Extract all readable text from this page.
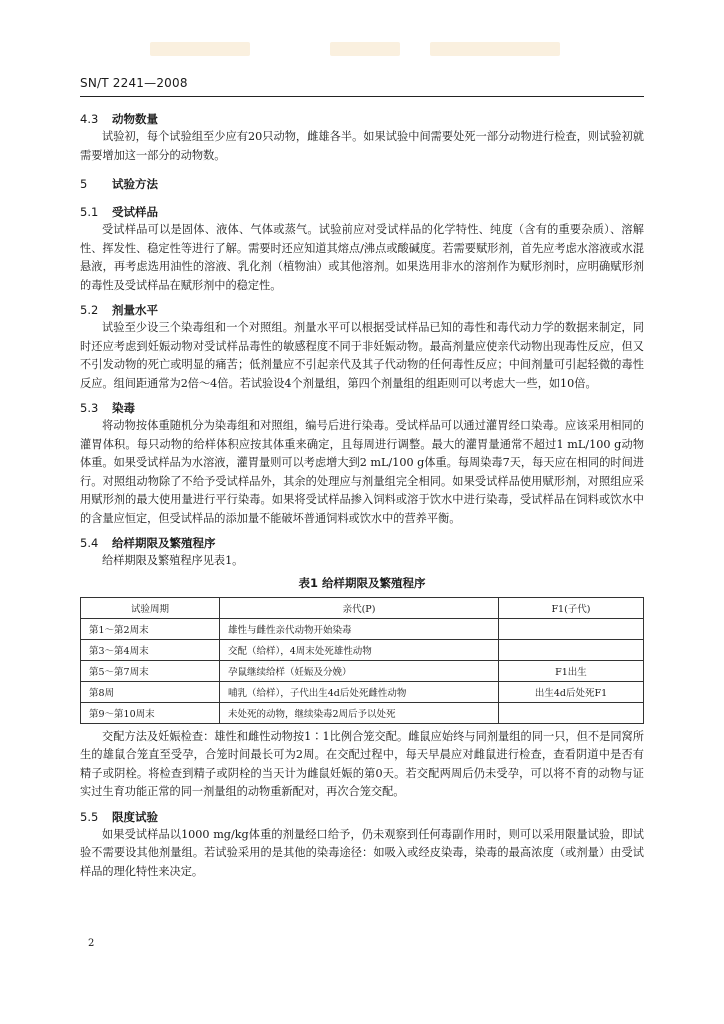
SN/T 2241—2008
4.3 动物数量

试验初，每个试验组至少应有20只动物，雌雄各半。如果试验中间需要处死一部分动物进行检查，则试验初就需要增加这一部分的动物数。

5 试验方法
5.1 受试样品

受试样品可以是固体、液体、气体或蒸气。试验前应对受试样品的化学特性、纯度（含有的重要杂质）、溶解性、挥发性、稳定性等进行了解。需要时还应知道其熔点/沸点或酸碱度。若需要赋形剂，首先应考虑水溶液或水混悬液，再考虑选用油性的溶液、乳化剂（植物油）或其他溶剂。如果选用非水的溶剂作为赋形剂时，应明确赋形剂的毒性及受试样品在赋形剂中的稳定性。

5.2 剂量水平

试验至少设三个染毒组和一个对照组。剂量水平可以根据受试样品已知的毒性和毒代动力学的数据来制定，同时还应考虑到妊娠动物对受试样品毒性的敏感程度不同于非妊娠动物。最高剂量应使亲代动物出现毒性反应，但又不引发动物的死亡或明显的痛苦；低剂量应不引起亲代及其子代动物的任何毒性反应；中间剂量可引起轻微的毒性反应。组间距通常为2倍～4倍。若试验设4个剂量组，第四个剂量组的组距则可以考虑大一些，如10倍。

5.3 染毒

将动物按体重随机分为染毒组和对照组，编号后进行染毒。受试样品可以通过灌胃经口染毒。应该采用相同的灌胃体积。每只动物的给样体积应按其体重来确定，且每周进行调整。最大的灌胃量通常不超过1 mL/100 g动物体重。如果受试样品为水溶液，灌胃量则可以考虑增大到2 mL/100 g体重。每周染毒7天，每天应在相同的时间进行。对照组动物除了不给予受试样品外，其余的处理应与剂量组完全相同。如果受试样品使用赋形剂，对照组应采用赋形剂的最大使用量进行平行染毒。如果将受试样品掺入饲料或溶于饮水中进行染毒，受试样品在饲料或饮水中的含量应恒定，但受试样品的添加量不能破坏普通饲料或饮水中的营养平衡。

5.4 给样期限及繁殖程序

给样期限及繁殖程序见表1。

表1 给样期限及繁殖程序
试验周期	亲代(P)	F1(子代)
第1～第2周末	雄性与雌性亲代动物开始染毒	
第3～第4周末	交配（给样），4周末处死雄性动物	
第5～第7周末	孕鼠继续给样（妊娠及分娩）	F1出生
第8周	哺乳（给样），子代出生4d后处死雌性动物	出生4d后处死F1
第9～第10周末	未处死的动物，继续染毒2周后予以处死	

交配方法及妊娠检查：雄性和雌性动物按1∶1比例合笼交配。雌鼠应始终与同剂量组的同一只，但不是同窝所生的雄鼠合笼直至受孕，合笼时间最长可为2周。在交配过程中，每天早晨应对雌鼠进行检查，查看阴道中是否有精子或阴栓。将检查到精子或阴栓的当天计为雌鼠妊娠的第0天。若交配两周后仍未受孕，可以将不育的动物与证实过生育功能正常的同一剂量组的动物重新配对，再次合笼交配。

5.5 限度试验

如果受试样品以1000 mg/kg体重的剂量经口给予，仍未观察到任何毒副作用时，则可以采用限量试验，即试验不需要设其他剂量组。若试验采用的是其他的染毒途径：如吸入或经皮染毒，染毒的最高浓度（或剂量）由受试样品的理化特性来决定。

2
